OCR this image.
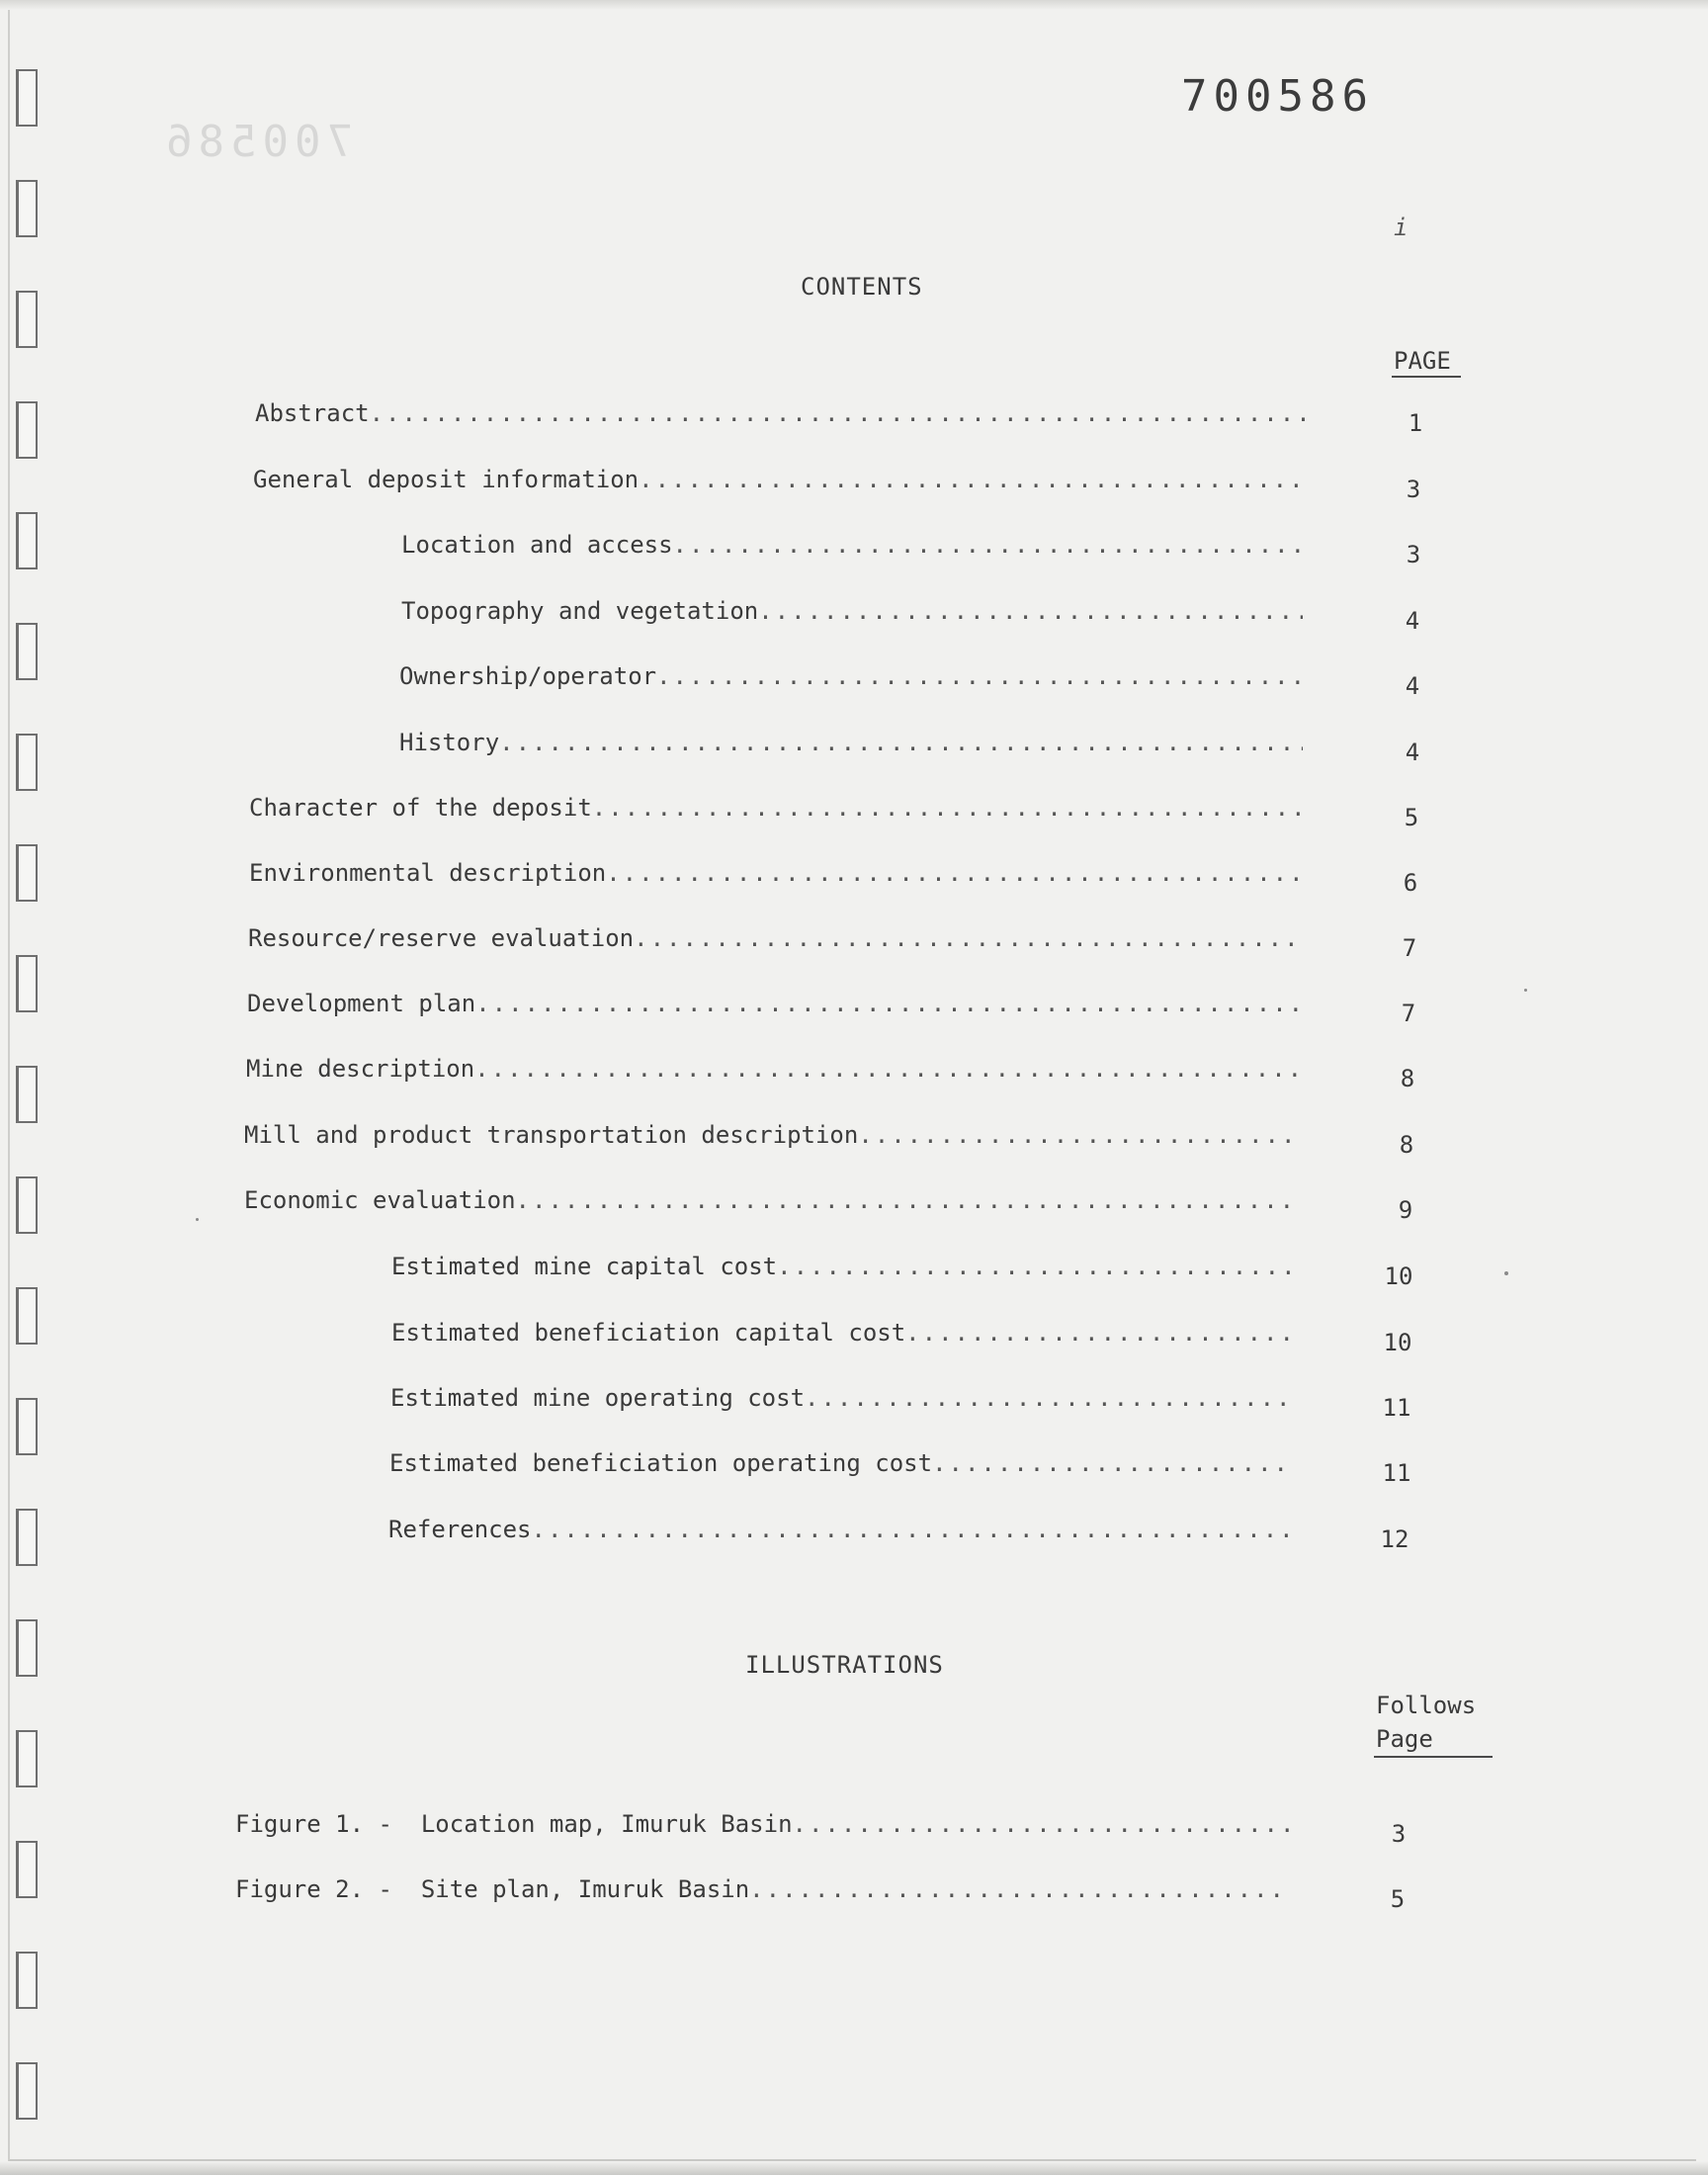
700586
700586
i
CONTENTS
PAGE
Abstract .....	1
General deposit information .....	3
Location and access .....	3
Topography and vegetation .....	4
Ownership/operator .....	4
History .....	4
Character of the deposit .....	5
Environmental description .....	6
Resource/reserve evaluation .....	7
Development plan .....	7
Mine description .....	8
Mill and product transportation description .....	8
Economic evaluation .....	9
Estimated mine capital cost .....	10
Estimated beneficiation capital cost .....	10
Estimated mine operating cost .....	11
Estimated beneficiation operating cost .....	11
References .....	12
ILLUSTRATIONS
Follows
Page
Figure 1. -  Location map, Imuruk Basin .....	3
Figure 2. -  Site plan, Imuruk Basin .....	5
